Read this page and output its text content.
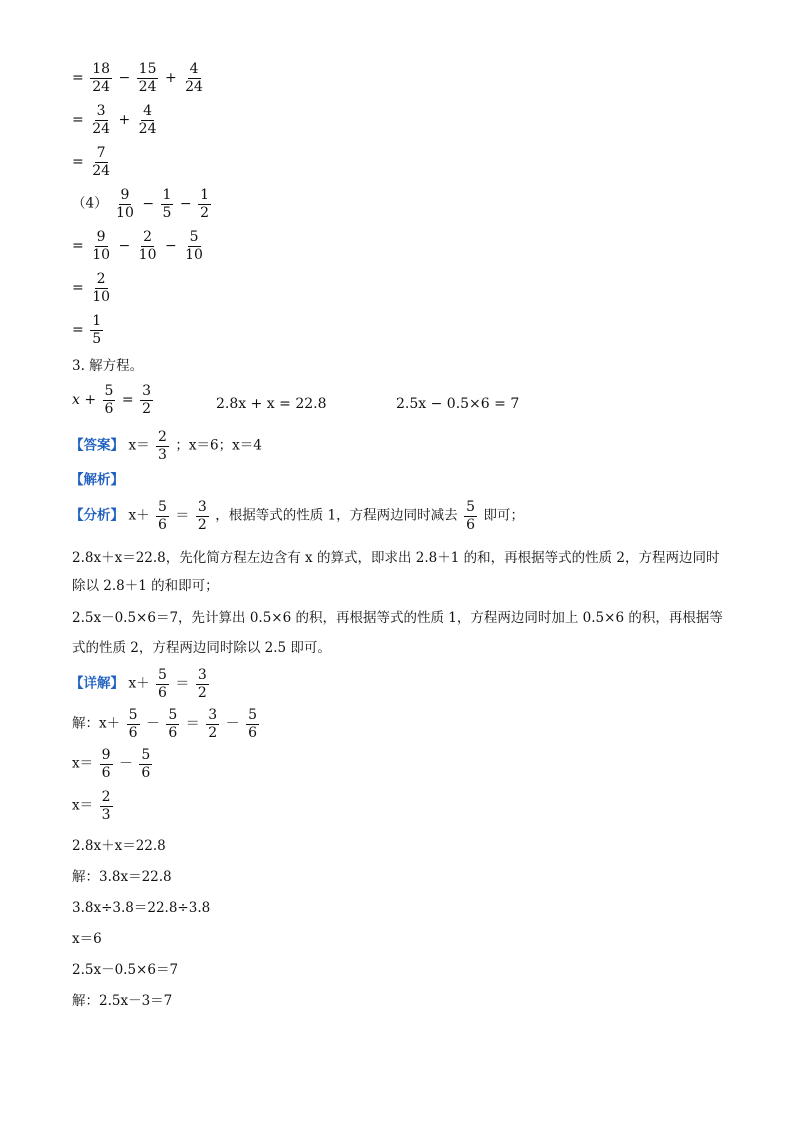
= $\frac{18}{24} - \frac{15}{24} + \frac{4}{24}$
= $\frac{3}{24} + \frac{4}{24}$
= $\frac{7}{24}$
$(4) \frac{9}{10} - \frac{1}{5} - \frac{1}{2}$
= $\frac{9}{10} - \frac{2}{10} - \frac{5}{10}$
= $\frac{2}{10}$
= $\frac{1}{5}$
3. 解方程。
$x + \frac{5}{6} = \frac{3}{2}$	2.8x + x = 22.8	2.5x − 0.5×6 = 7
【答案】 $x= \frac{2}{3}$ ；x＝6；x＝4
【解析】
【分析】 $x+ \frac{5}{6} = \frac{3}{2}$ ，根据等式的性质 1，方程两边同时减去 $\frac{5}{6}$ 即可；
2.8x＋x＝22.8，先化简方程左边含有 x 的算式，即求出 2.8＋1 的和，再根据等式的性质 2，方程两边同时
除以 2.8＋1 的和即可；
2.5x－0.5×6＝7，先计算出 0.5×6 的积，再根据等式的性质 1，方程两边同时加上 0.5×6 的积，再根据等
式的性质 2，方程两边同时除以 2.5 即可。
【详解】 $x+ \frac{5}{6} = \frac{3}{2}$
解：$x+ \frac{5}{6} - \frac{5}{6} = \frac{3}{2} - \frac{5}{6}$
$x= \frac{9}{6} - \frac{5}{6}$
$x= \frac{2}{3}$
2.8x＋x＝22.8
解：3.8x＝22.8
3.8x÷3.8＝22.8÷3.8
x＝6
2.5x－0.5×6＝7
解：2.5x－3＝7
